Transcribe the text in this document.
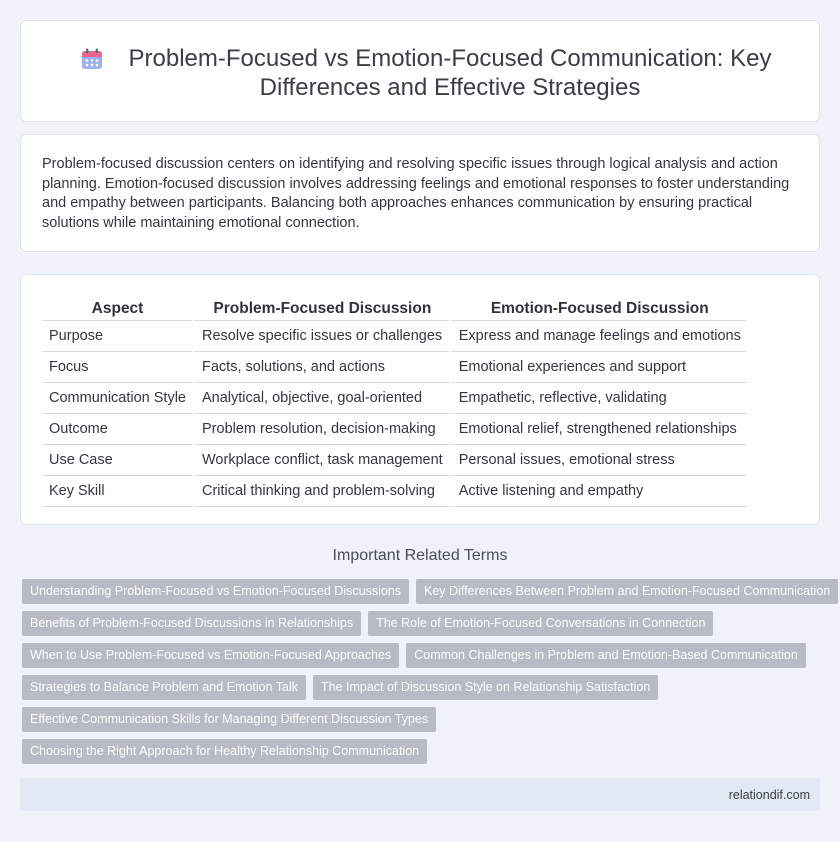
Problem-Focused vs Emotion-Focused Communication: Key Differences and Effective Strategies

Problem-focused discussion centers on identifying and resolving specific issues through logical analysis and action planning. Emotion-focused discussion involves addressing feelings and emotional responses to foster understanding and empathy between participants. Balancing both approaches enhances communication by ensuring practical solutions while maintaining emotional connection.

Aspect	Problem-Focused Discussion	Emotion-Focused Discussion
Purpose	Resolve specific issues or challenges	Express and manage feelings and emotions
Focus	Facts, solutions, and actions	Emotional experiences and support
Communication Style	Analytical, objective, goal-oriented	Empathetic, reflective, validating
Outcome	Problem resolution, decision-making	Emotional relief, strengthened relationships
Use Case	Workplace conflict, task management	Personal issues, emotional stress
Key Skill	Critical thinking and problem-solving	Active listening and empathy
Important Related Terms
Understanding Problem-Focused vs Emotion-Focused Discussions Key Differences Between Problem and Emotion-Focused Communication
Benefits of Problem-Focused Discussions in Relationships The Role of Emotion-Focused Conversations in Connection
When to Use Problem-Focused vs Emotion-Focused Approaches Common Challenges in Problem and Emotion-Based Communication
Strategies to Balance Problem and Emotion Talk The Impact of Discussion Style on Relationship Satisfaction
Effective Communication Skills for Managing Different Discussion Types
Choosing the Right Approach for Healthy Relationship Communication
relationdif.com
